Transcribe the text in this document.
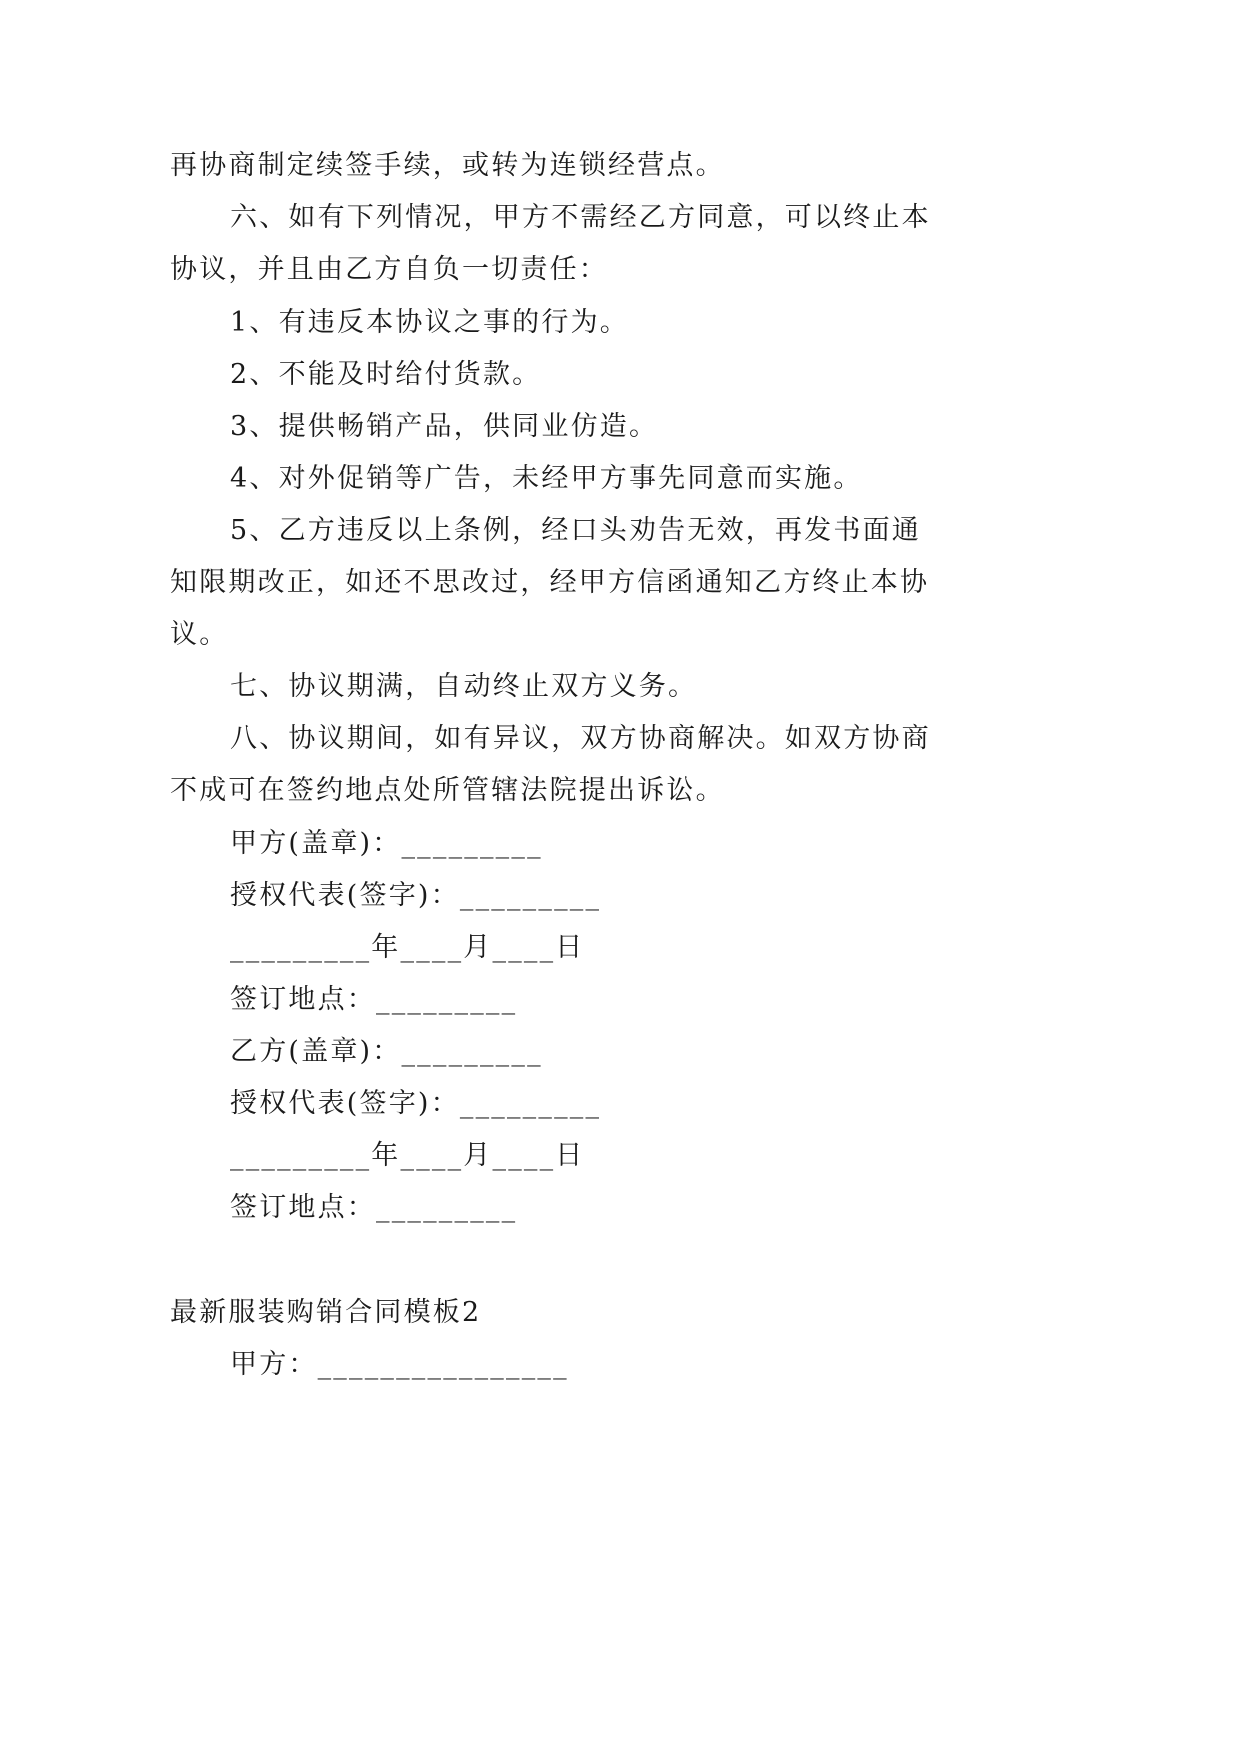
再协商制定续签手续，或转为连锁经营点。
六、如有下列情况，甲方不需经乙方同意，可以终止本
协议，并且由乙方自负一切责任：
1、有违反本协议之事的行为。
2、不能及时给付货款。
3、提供畅销产品，供同业仿造。
4、对外促销等广告，未经甲方事先同意而实施。
5、乙方违反以上条例，经口头劝告无效，再发书面通
知限期改正，如还不思改过，经甲方信函通知乙方终止本协
议。
七、协议期满，自动终止双方义务。
八、协议期间，如有异议，双方协商解决。如双方协商
不成可在签约地点处所管辖法院提出诉讼。
甲方(盖章)：_________
授权代表(签字)：_________
_________年____月____日
签订地点：_________
乙方(盖章)：_________
授权代表(签字)：_________
_________年____月____日
签订地点：_________
最新服装购销合同模板2
甲方：________________
